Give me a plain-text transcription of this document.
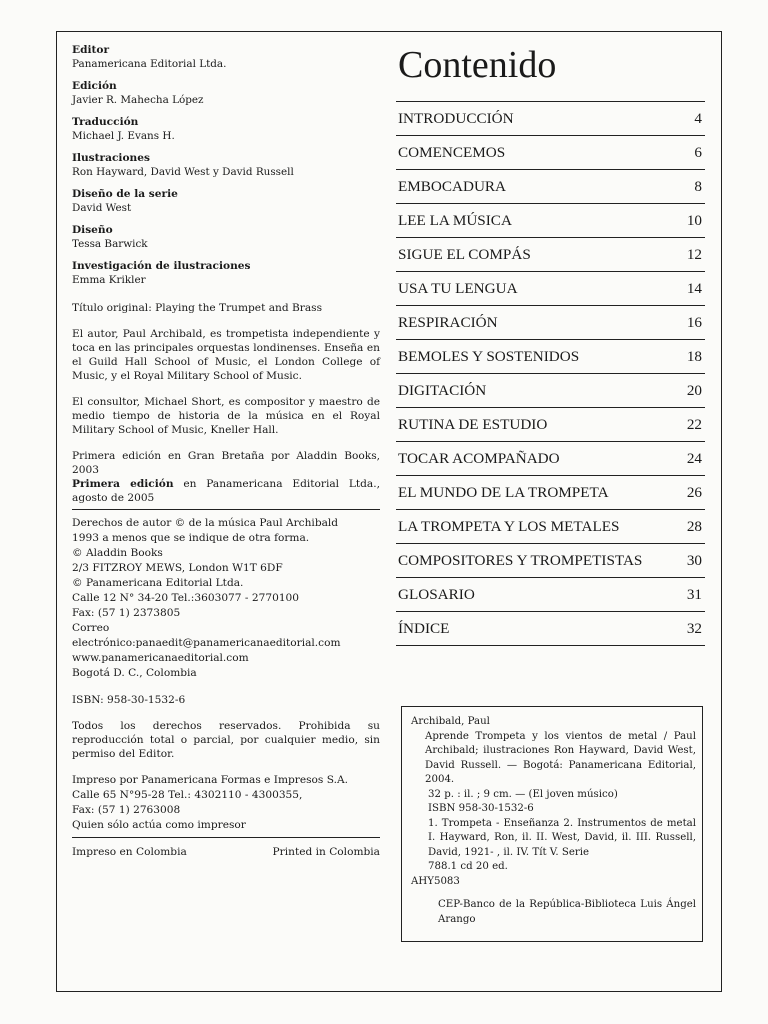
Editor
Panamericana Editorial Ltda.
Edición
Javier R. Mahecha López
Traducción
Michael J. Evans H.
Ilustraciones
Ron Hayward, David West y David Russell
Diseño de la serie
David West
Diseño
Tessa Barwick
Investigación de ilustraciones
Emma Krikler

Título original: Playing the Trumpet and Brass

El autor, Paul Archibald, es trompetista independiente y toca en las principales orquestas londinenses. Enseña en el Guild Hall School of Music, el London College of Music, y el Royal Military School of Music.

El consultor, Michael Short, es compositor y maestro de medio tiempo de historia de la música en el Royal Military School of Music, Kneller Hall.

Primera edición en Gran Bretaña por Aladdin Books, 2003

Primera edición en Panamericana Editorial Ltda., agosto de 2005

Derechos de autor © de la música Paul Archibald
1993 a menos que se indique de otra forma.
© Aladdin Books
2/3 FITZROY MEWS, London W1T 6DF
© Panamericana Editorial Ltda.
Calle 12 N° 34-20 Tel.:3603077 - 2770100
Fax: (57 1) 2373805
Correo electrónico:panaedit@panamericanaeditorial.com
www.panamericanaeditorial.com
Bogotá D. C., Colombia

ISBN: 958-30-1532-6

Todos los derechos reservados. Prohibida su reproducción total o parcial, por cualquier medio, sin permiso del Editor.

Impreso por Panamericana Formas e Impresos S.A.
Calle 65 N°95-28 Tel.: 4302110 - 4300355,
Fax: (57 1) 2763008
Quien sólo actúa como impresor
Impreso en Colombia	Printed in Colombia
Contenido
INTRODUCCIÓN	4
COMENCEMOS	6
EMBOCADURA	8
LEE LA MÚSICA	10
SIGUE EL COMPÁS	12
USA TU LENGUA	14
RESPIRACIÓN	16
BEMOLES Y SOSTENIDOS	18
DIGITACIÓN	20
RUTINA DE ESTUDIO	22
TOCAR ACOMPAÑADO	24
EL MUNDO DE LA TROMPETA	26
LA TROMPETA Y LOS METALES	28
COMPOSITORES Y TROMPETISTAS	30
GLOSARIO	31
ÍNDICE	32

Archibald, Paul

Aprende Trompeta y los vientos de metal / Paul Archibald; ilustraciones Ron Hayward, David West, David Russell. — Bogotá: Panamericana Editorial, 2004.

32 p. : il. ; 9 cm. — (El joven músico)

ISBN 958-30-1532-6

1. Trompeta - Enseñanza 2. Instrumentos de metal I. Hayward, Ron, il. II. West, David, il. III. Russell, David, 1921- , il. IV. Tít V. Serie

788.1 cd 20 ed.

AHY5083

CEP-Banco de la República-Biblioteca Luis Ángel Arango
